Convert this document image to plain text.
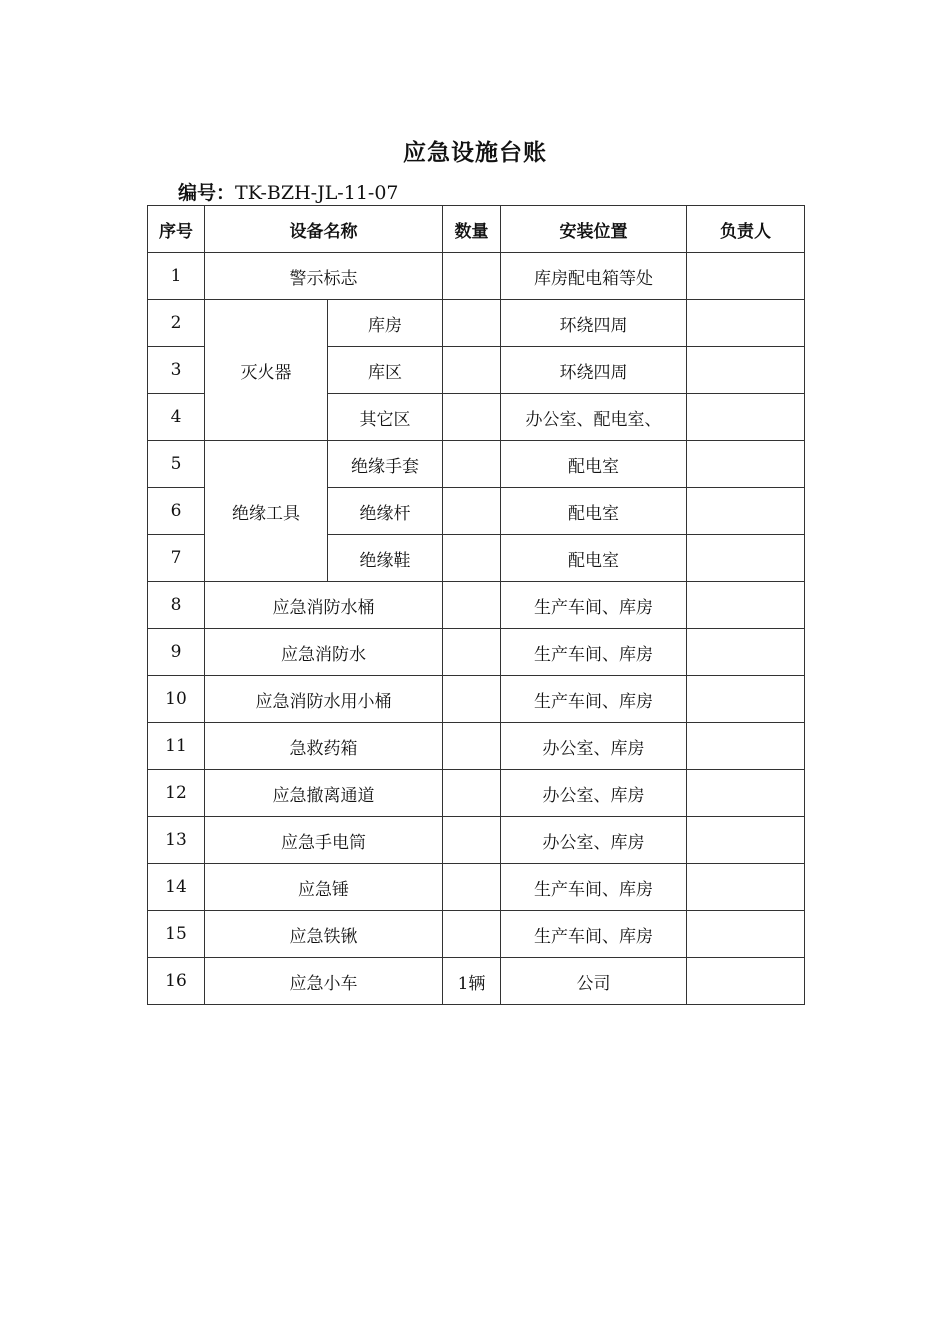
应急设施台账
编号：TK-BZH-JL-11-07
序号	设备名称		数量	安装位置	负责人
1	警示标志			库房配电箱等处	
2	灭火器	库房		环绕四周	
3		库区		环绕四周	
4		其它区		办公室、配电室、	
5	绝缘工具	绝缘手套		配电室	
6		绝缘杆		配电室	
7		绝缘鞋		配电室	
8	应急消防水桶			生产车间、库房	
9	应急消防水			生产车间、库房	
10	应急消防水用小桶			生产车间、库房	
11	急救药箱			办公室、库房	
12	应急撤离通道			办公室、库房	
13	应急手电筒			办公室、库房	
14	应急锤			生产车间、库房	
15	应急铁锹			生产车间、库房	
16	应急小车		1辆	公司	
